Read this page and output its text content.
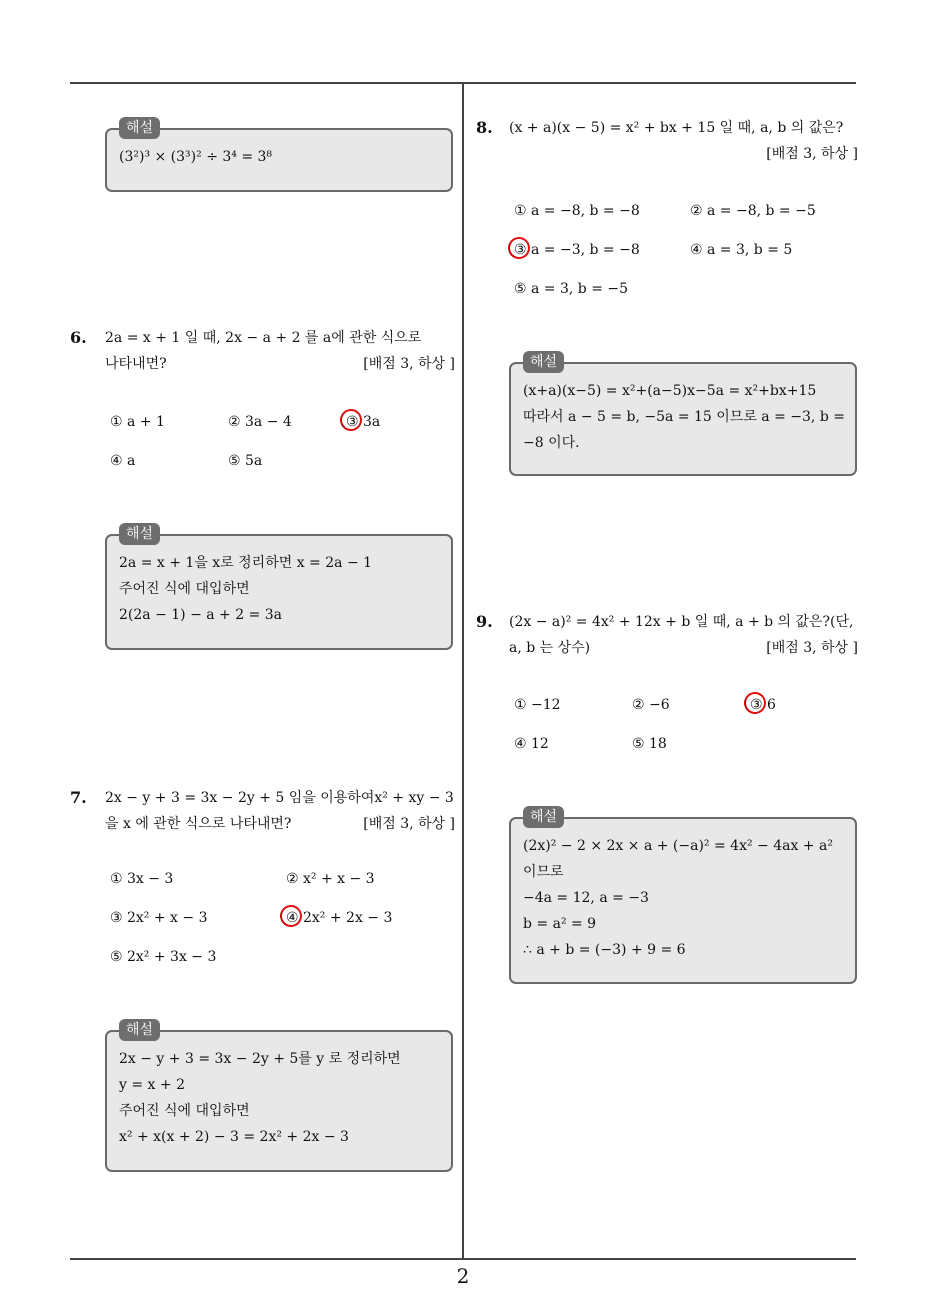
해설
(3²)³ × (3³)² ÷ 3⁴ = 3⁸
6. 2a = x + 1 일 때, 2x − a + 2 를 a에 관한 식으로
나타내면?	[배점 3, 하상 ]
① a + 1	② 3a − 4	③ 3a
④ a	⑤ 5a
해설
2a = x + 1을 x로 정리하면 x = 2a − 1
주어진 식에 대입하면
2(2a − 1) − a + 2 = 3a
7. 2x − y + 3 = 3x − 2y + 5 임을 이용하여x² + xy − 3
을 x 에 관한 식으로 나타내면?	[배점 3, 하상 ]
① 3x − 3	② x² + x − 3
③ 2x² + x − 3	④ 2x² + 2x − 3
⑤ 2x² + 3x − 3
해설
2x − y + 3 = 3x − 2y + 5를 y 로 정리하면
y = x + 2
주어진 식에 대입하면
x² + x(x + 2) − 3 = 2x² + 2x − 3
8. (x + a)(x − 5) = x² + bx + 15 일 때, a, b 의 값은?
[배점 3, 하상 ]
① a = −8, b = −8	② a = −8, b = −5
③ a = −3, b = −8	④ a = 3, b = 5
⑤ a = 3, b = −5
해설
(x+a)(x−5) = x²+(a−5)x−5a = x²+bx+15
따라서 a − 5 = b, −5a = 15 이므로 a = −3, b =
−8 이다.
9. (2x − a)² = 4x² + 12x + b 일 때, a + b 의 값은?(단,
a, b 는 상수)	[배점 3, 하상 ]
① −12	② −6	③ 6
④ 12	⑤ 18
해설
(2x)² − 2 × 2x × a + (−a)² = 4x² − 4ax + a²
이므로
−4a = 12, a = −3
b = a² = 9
∴ a + b = (−3) + 9 = 6
2
